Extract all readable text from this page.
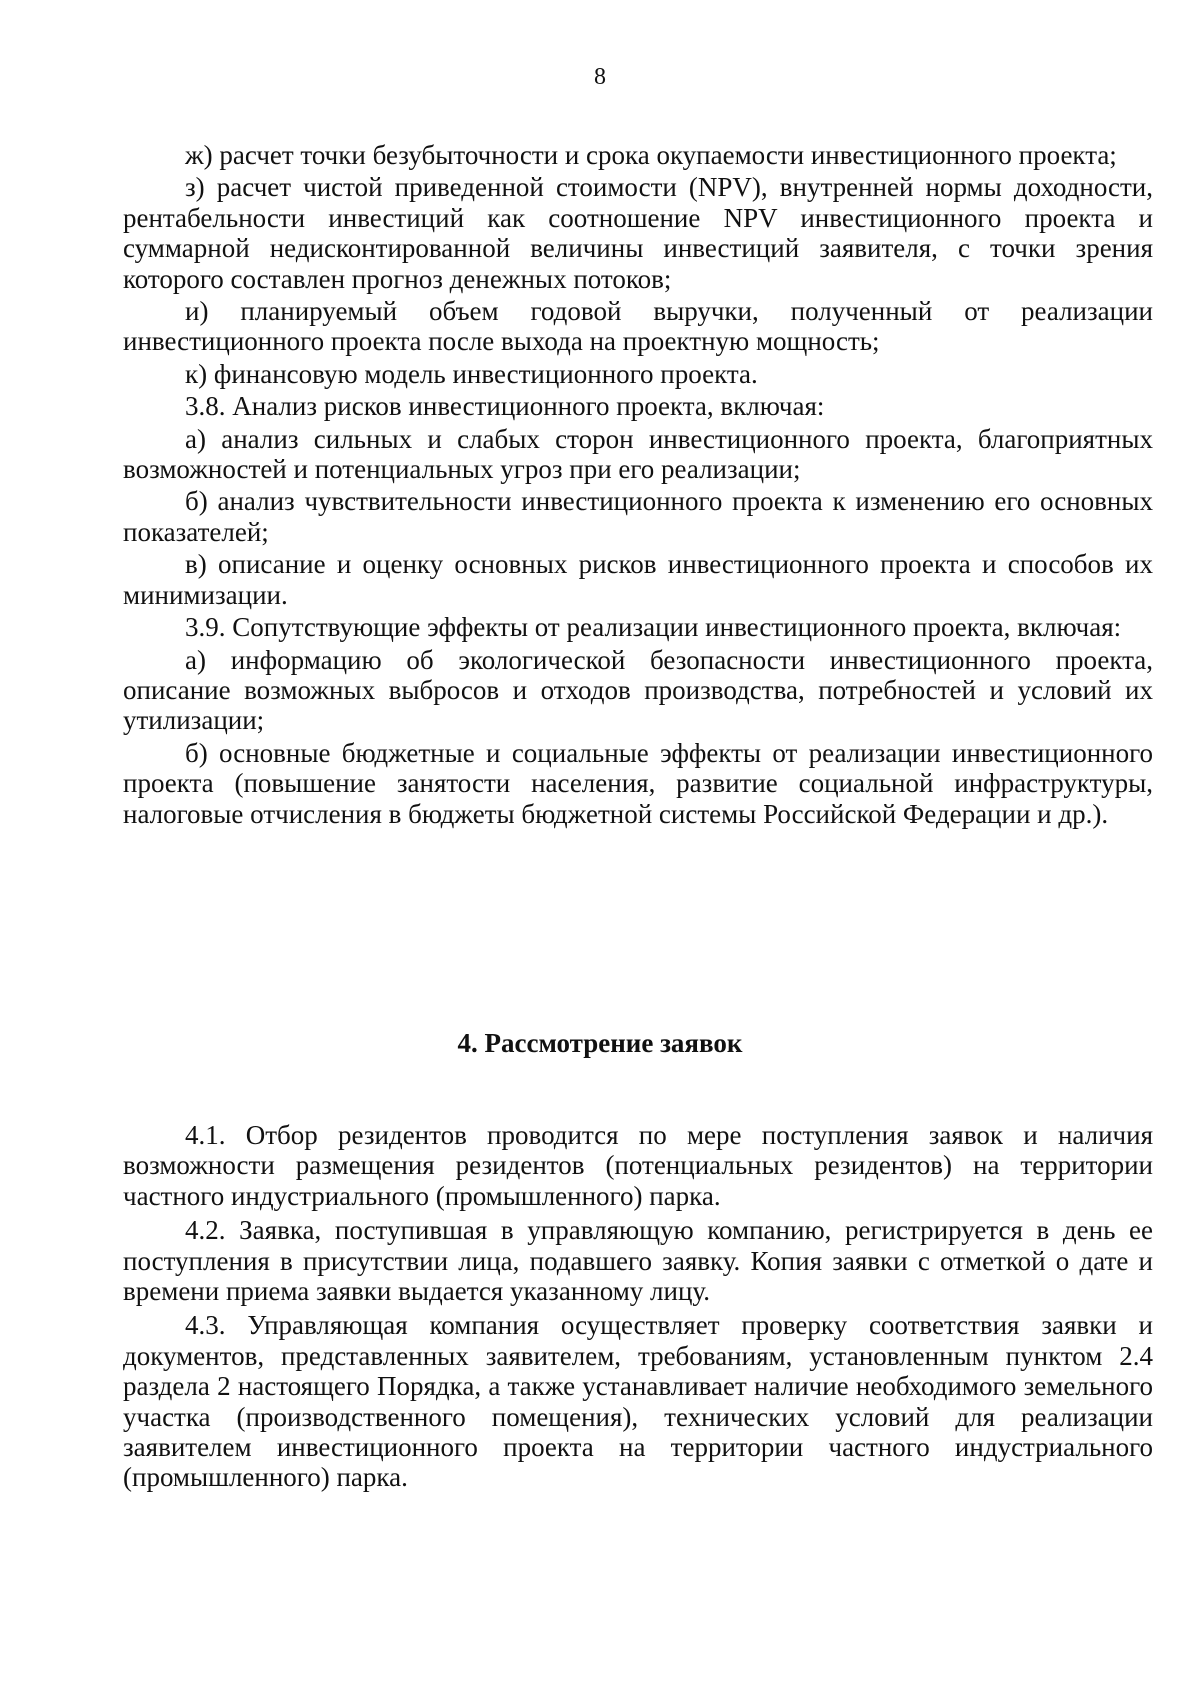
8

ж) расчет точки безубыточности и срока окупаемости инвестиционного проекта;

з) расчет чистой приведенной стоимости (NPV), внутренней нормы доходности, рентабельности инвестиций как соотношение NPV инвестиционного проекта и суммарной недисконтированной величины инвестиций заявителя, с точки зрения которого составлен прогноз денежных потоков;

и) планируемый объем годовой выручки, полученный от реализации инвестиционного проекта после выхода на проектную мощность;

к) финансовую модель инвестиционного проекта.

3.8. Анализ рисков инвестиционного проекта, включая:

а) анализ сильных и слабых сторон инвестиционного проекта, благоприятных возможностей и потенциальных угроз при его реализации;

б) анализ чувствительности инвестиционного проекта к изменению его основных показателей;

в) описание и оценку основных рисков инвестиционного проекта и способов их минимизации.

3.9. Сопутствующие эффекты от реализации инвестиционного проекта, включая:

а) информацию об экологической безопасности инвестиционного проекта, описание возможных выбросов и отходов производства, потребностей и условий их утилизации;

б) основные бюджетные и социальные эффекты от реализации инвестиционного проекта (повышение занятости населения, развитие социальной инфраструктуры, налоговые отчисления в бюджеты бюджетной системы Российской Федерации и др.).

4. Рассмотрение заявок

4.1. Отбор резидентов проводится по мере поступления заявок и наличия возможности размещения резидентов (потенциальных резидентов) на территории частного индустриального (промышленного) парка.

4.2. Заявка, поступившая в управляющую компанию, регистрируется в день ее поступления в присутствии лица, подавшего заявку. Копия заявки с отметкой о дате и времени приема заявки выдается указанному лицу.

4.3. Управляющая компания осуществляет проверку соответствия заявки и документов, представленных заявителем, требованиям, установленным пунктом 2.4 раздела 2 настоящего Порядка, а также устанавливает наличие необходимого земельного участка (производственного помещения), технических условий для реализации заявителем инвестиционного проекта на территории частного индустриального (промышленного) парка.
